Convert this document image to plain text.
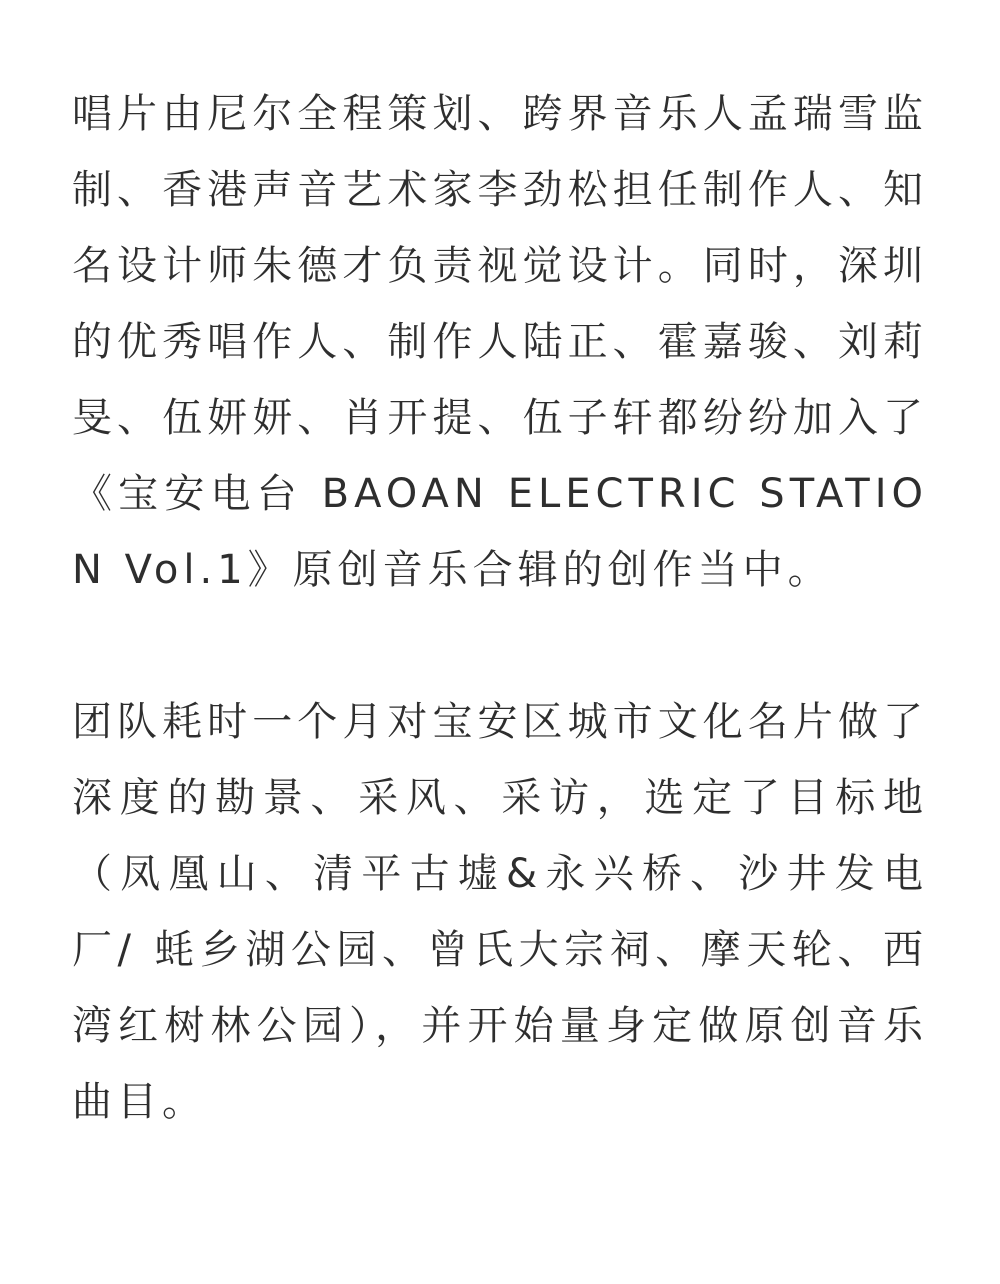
唱片由尼尔全程策划、跨界音乐人孟瑞雪监制、香港声音艺术家李劲松担任制作人、知名设计师朱德才负责视觉设计。同时，深圳的优秀唱作人、制作人陆正、霍嘉骏、刘莉旻、伍妍妍、肖开提、伍子轩都纷纷加入了《宝安电台 BAOAN ELECTRIC STATION Vol.1》原创音乐合辑的创作当中。

团队耗时一个月对宝安区城市文化名片做了深度的勘景、采风、采访，选定了目标地（凤凰山、清平古墟&永兴桥、沙井发电厂/ 蚝乡湖公园、曾氏大宗祠、摩天轮、西湾红树林公园），并开始量身定做原创音乐曲目。
